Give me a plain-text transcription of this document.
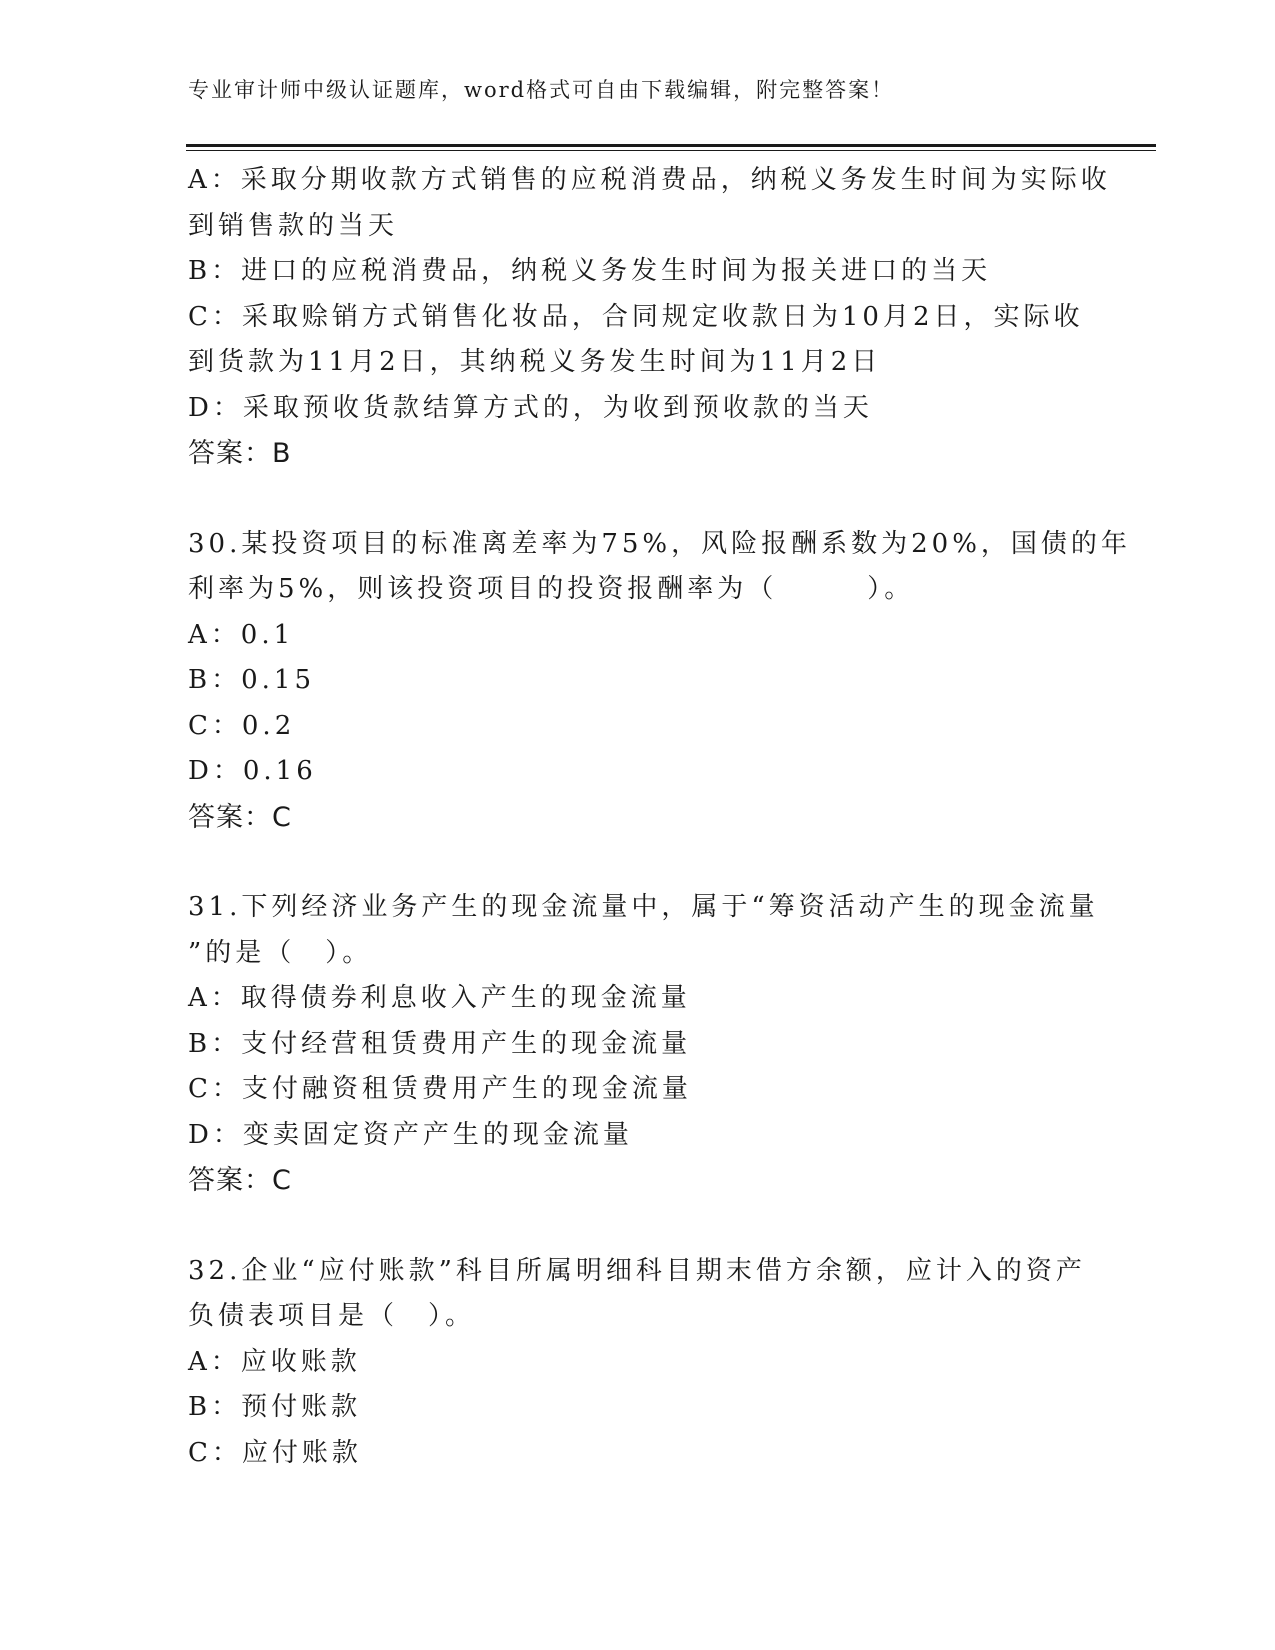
专业审计师中级认证题库，word格式可自由下载编辑，附完整答案！
A：采取分期收款方式销售的应税消费品，纳税义务发生时间为实际收
到销售款的当天
B：进口的应税消费品，纳税义务发生时间为报关进口的当天
C：采取赊销方式销售化妆品，合同规定收款日为10月2日，实际收
到货款为11月2日，其纳税义务发生时间为11月2日
D：采取预收货款结算方式的，为收到预收款的当天
答案：B
30.某投资项目的标准离差率为75%，风险报酬系数为20%，国债的年
利率为5%，则该投资项目的投资报酬率为（　　　）。
A：0.1
B：0.15
C：0.2
D：0.16
答案：C
31.下列经济业务产生的现金流量中，属于“筹资活动产生的现金流量
”的是（　）。
A：取得债券利息收入产生的现金流量
B：支付经营租赁费用产生的现金流量
C：支付融资租赁费用产生的现金流量
D：变卖固定资产产生的现金流量
答案：C
32.企业“应付账款”科目所属明细科目期末借方余额，应计入的资产
负债表项目是（　）。
A：应收账款
B：预付账款
C：应付账款
